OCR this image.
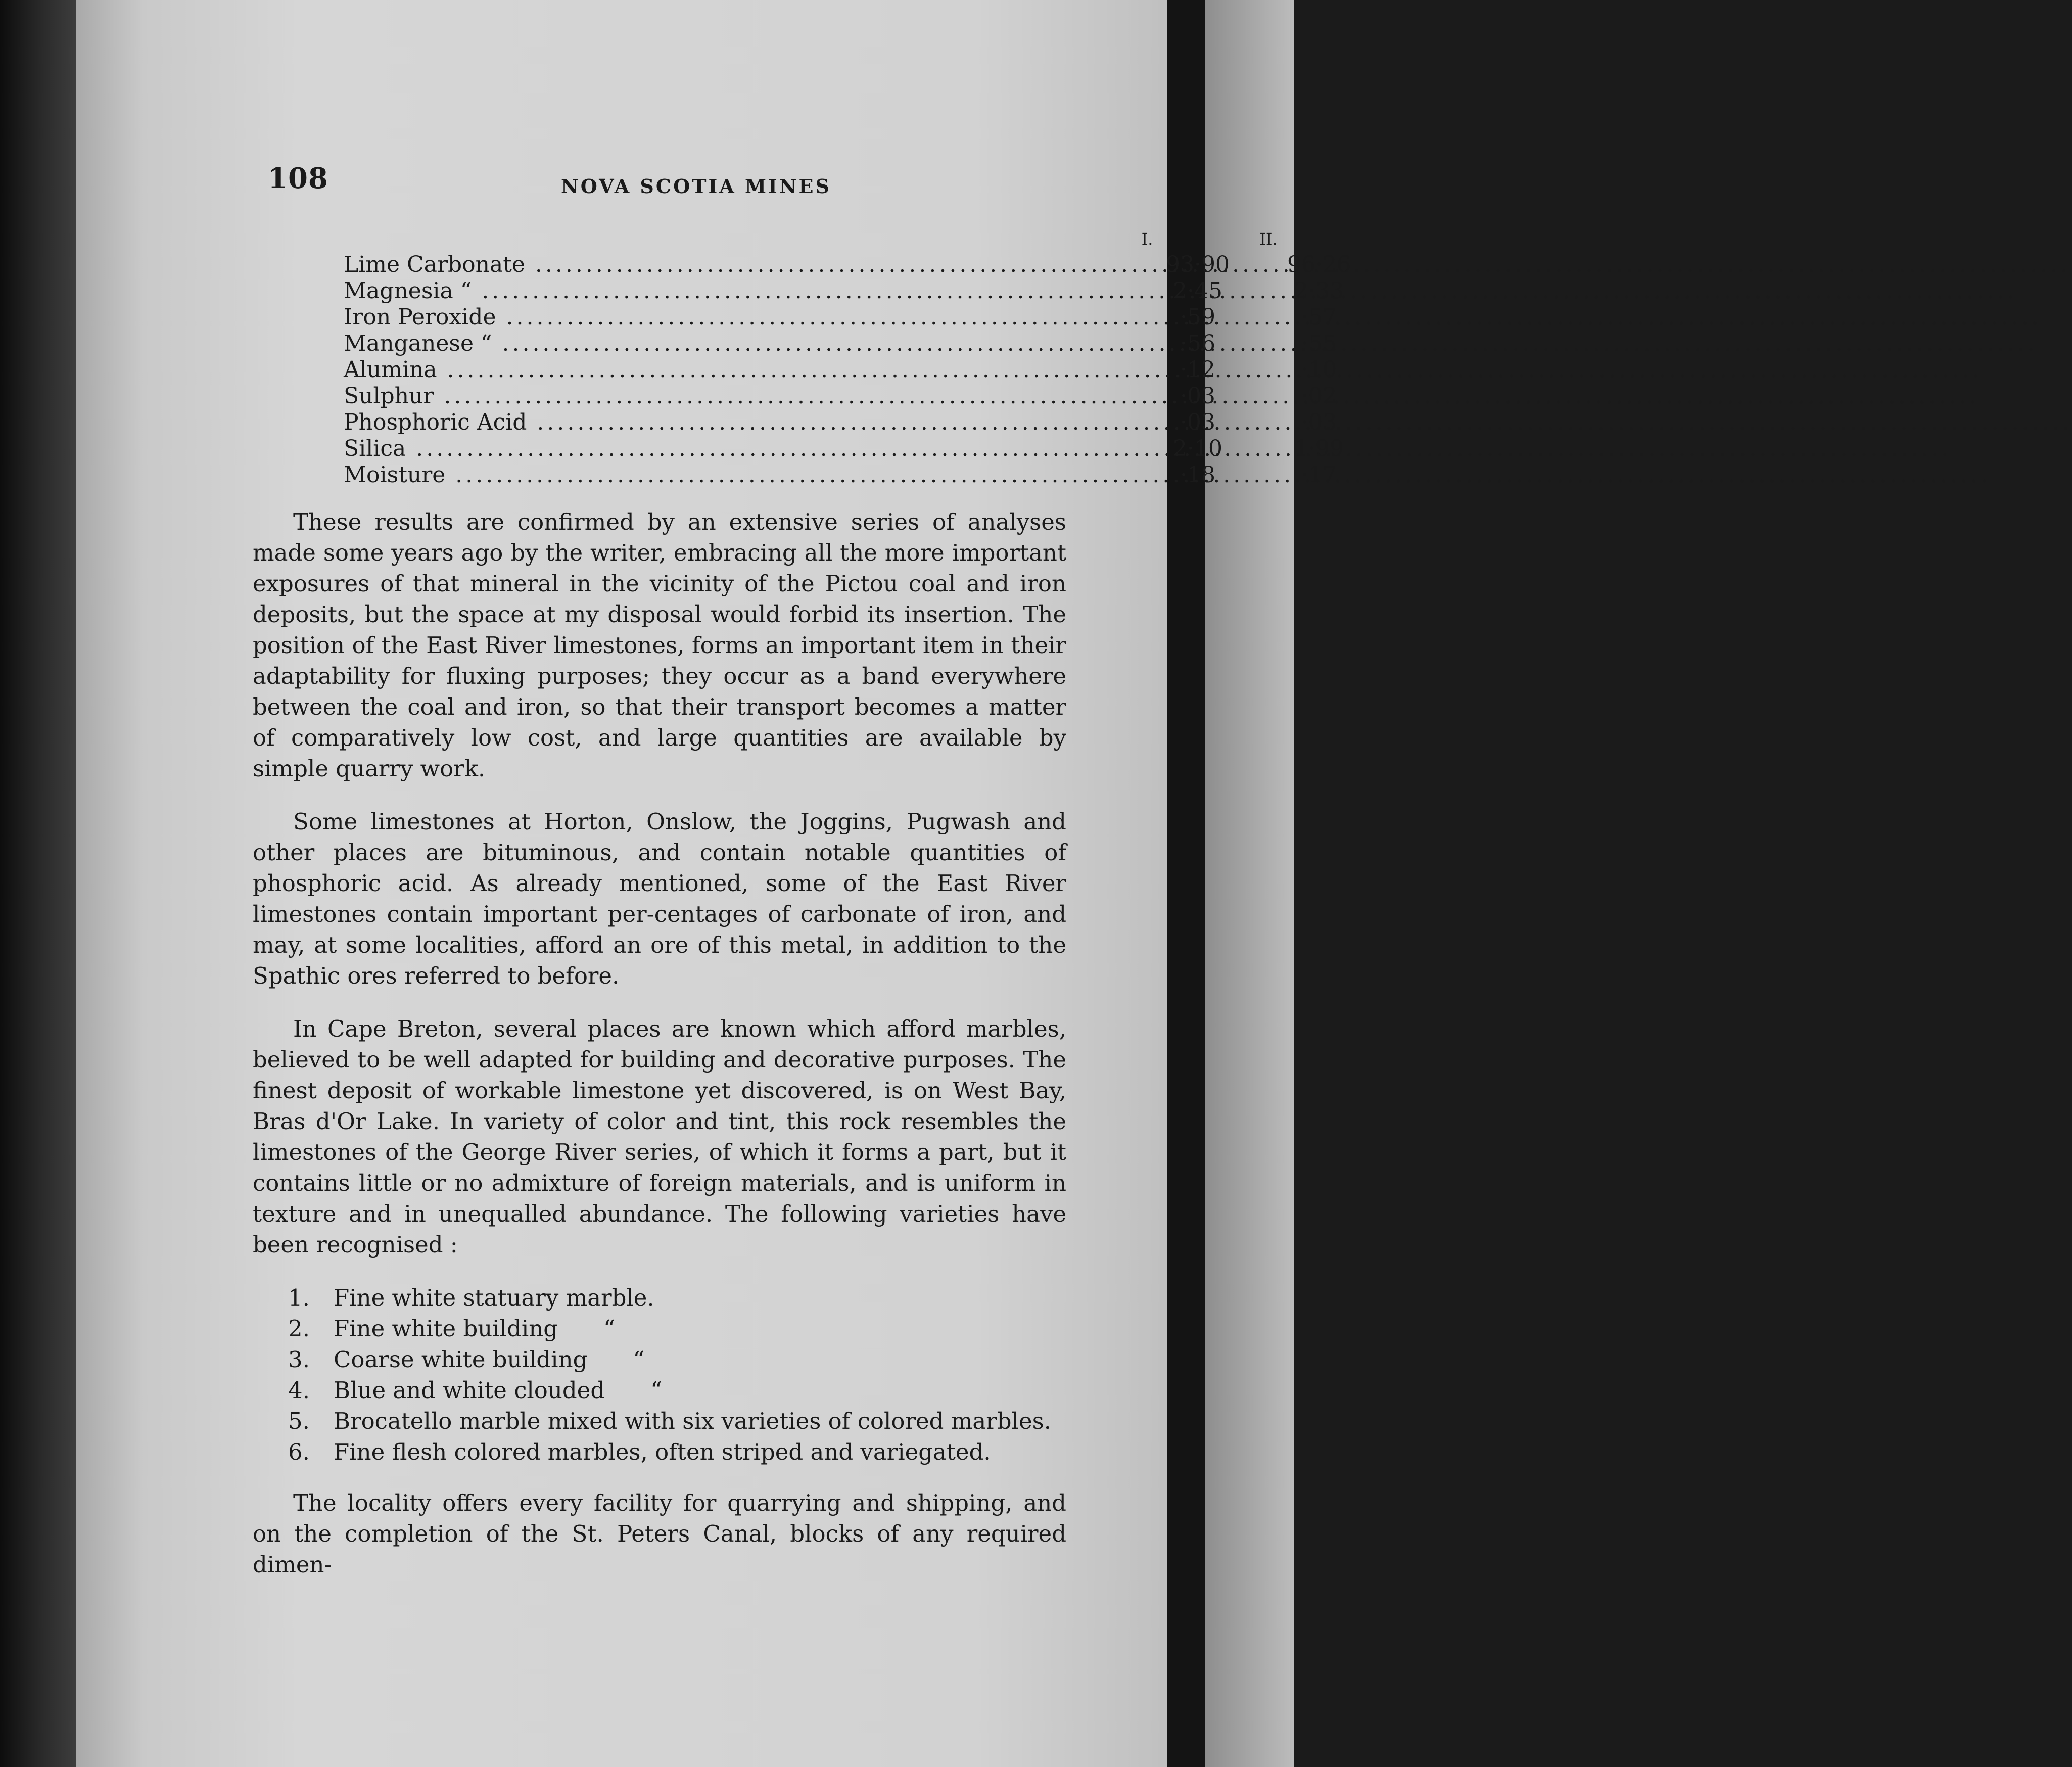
108	NOVA SCOTIA MINES
I.	II.
Lime Carbonate .....	93·90	96·26
Magnesia “ .....	2·45	2·33
Iron Peroxide .....	·59	·57
Manganese “ .....	·56	·55
Alumina .....	·12	·10
Sulphur .....	·03	·02
Phosphoric Acid .....	·03	·03
Silica .....	2·10	1·99
Moisture .....	·18	·17

These results are confirmed by an extensive series of analyses made some years ago by the writer, embracing all the more important exposures of that mineral in the vicinity of the Pictou coal and iron deposits, but the space at my disposal would forbid its insertion. The position of the East River limestones, forms an important item in their adaptability for fluxing purposes; they occur as a band everywhere between the coal and iron, so that their transport becomes a matter of comparatively low cost, and large quantities are available by simple quarry work.

Some limestones at Horton, Onslow, the Joggins, Pugwash and other places are bituminous, and contain notable quantities of phosphoric acid. As already mentioned, some of the East River limestones contain important per-centages of carbonate of iron, and may, at some localities, afford an ore of this metal, in addition to the Spathic ores referred to before.

In Cape Breton, several places are known which afford marbles, believed to be well adapted for building and decorative purposes. The finest deposit of workable limestone yet discovered, is on West Bay, Bras d'Or Lake. In variety of color and tint, this rock resembles the limestones of the George River series, of which it forms a part, but it contains little or no admixture of foreign materials, and is uniform in texture and in unequalled abundance. The following varieties have been recognised :

1. Fine white statuary marble.
2. Fine white building “
3. Coarse white building “
4. Blue and white clouded “
5. Brocatello marble mixed with six varieties of colored marbles.
6. Fine flesh colored marbles, often striped and variegated.

The locality offers every facility for quarrying and shipping, and on the completion of the St. Peters Canal, blocks of any required dimen-
